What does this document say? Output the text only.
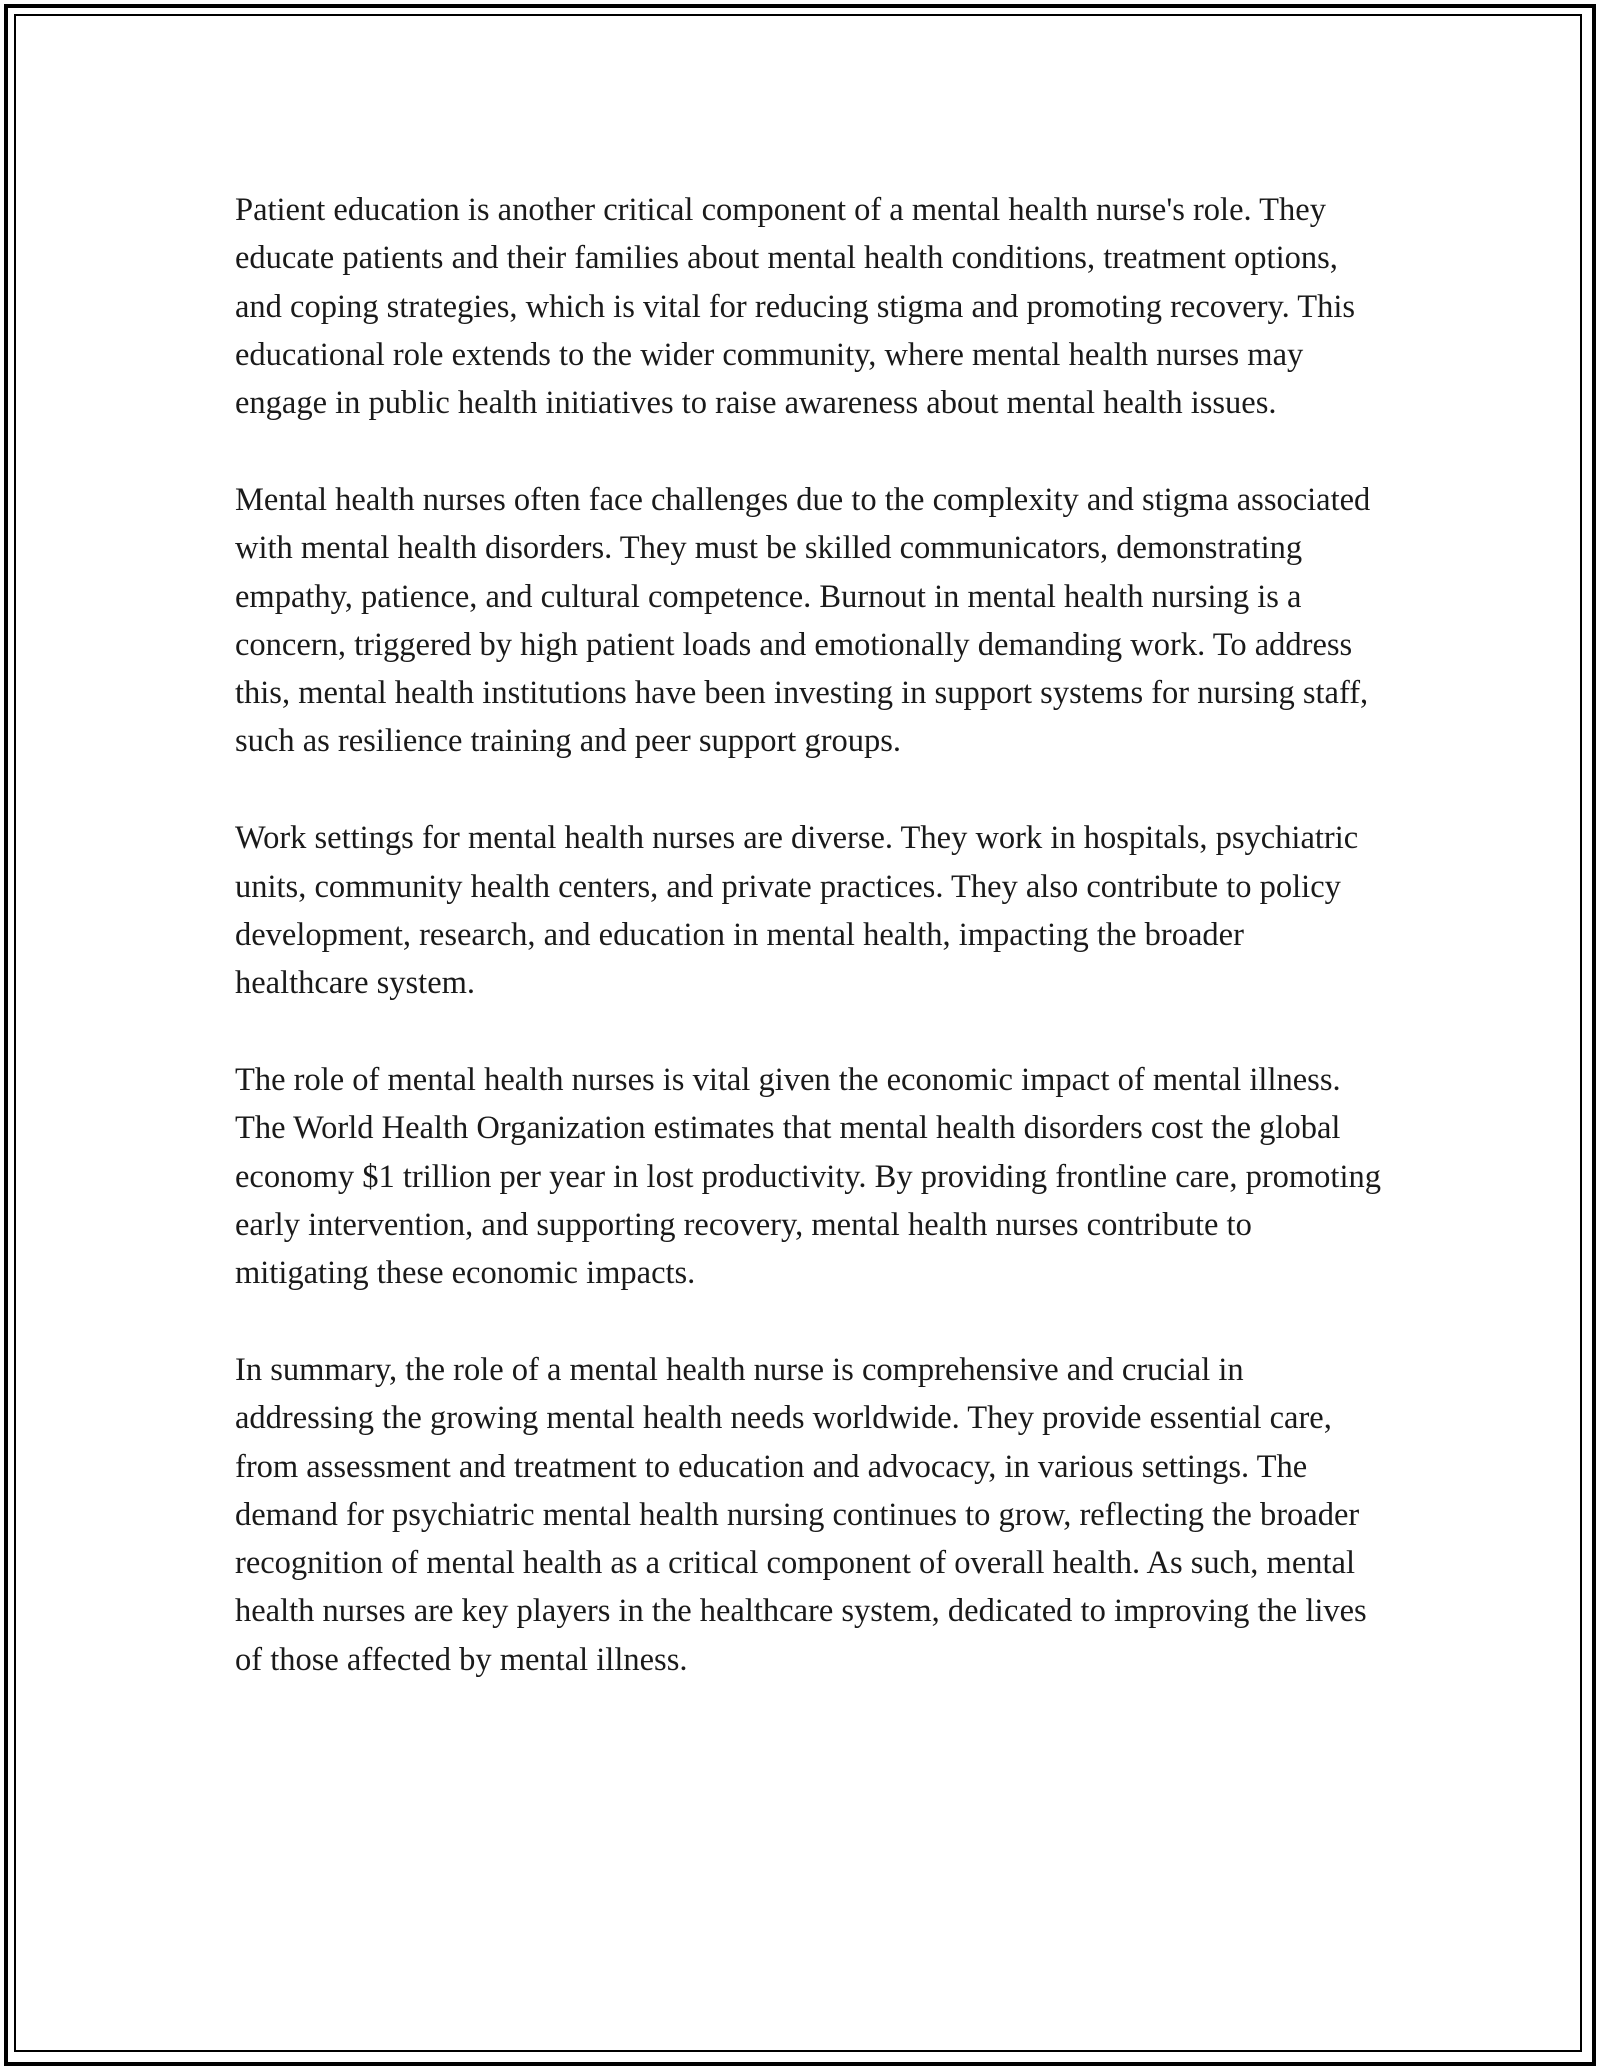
Patient education is another critical component of a mental health nurse's role. They educate patients and their families about mental health conditions, treatment options, and coping strategies, which is vital for reducing stigma and promoting recovery. This educational role extends to the wider community, where mental health nurses may engage in public health initiatives to raise awareness about mental health issues.

Mental health nurses often face challenges due to the complexity and stigma associated with mental health disorders. They must be skilled communicators, demonstrating empathy, patience, and cultural competence. Burnout in mental health nursing is a concern, triggered by high patient loads and emotionally demanding work. To address this, mental health institutions have been investing in support systems for nursing staff, such as resilience training and peer support groups.

Work settings for mental health nurses are diverse. They work in hospitals, psychiatric units, community health centers, and private practices. They also contribute to policy development, research, and education in mental health, impacting the broader healthcare system.

The role of mental health nurses is vital given the economic impact of mental illness. The World Health Organization estimates that mental health disorders cost the global economy $1 trillion per year in lost productivity. By providing frontline care, promoting early intervention, and supporting recovery, mental health nurses contribute to mitigating these economic impacts.

In summary, the role of a mental health nurse is comprehensive and crucial in addressing the growing mental health needs worldwide. They provide essential care, from assessment and treatment to education and advocacy, in various settings. The demand for psychiatric mental health nursing continues to grow, reflecting the broader recognition of mental health as a critical component of overall health. As such, mental health nurses are key players in the healthcare system, dedicated to improving the lives of those affected by mental illness.
